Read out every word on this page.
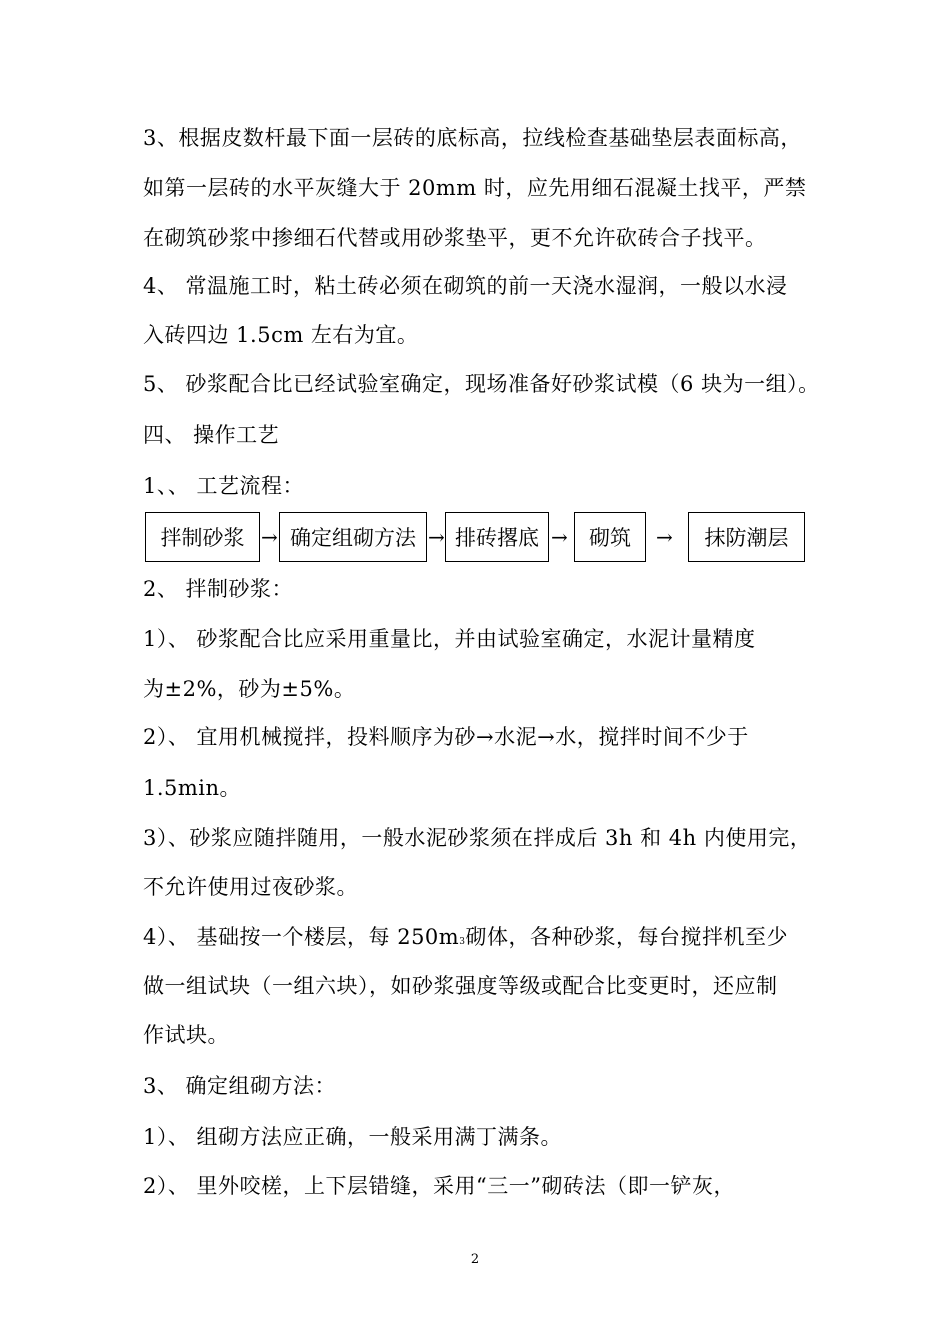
3、根据皮数杆最下面一层砖的底标高，拉线检查基础垫层表面标高，
如第一层砖的水平灰缝大于 20mm 时，应先用细石混凝土找平，严禁
在砌筑砂浆中掺细石代替或用砂浆垫平，更不允许砍砖合子找平。
4、 常温施工时，粘土砖必须在砌筑的前一天浇水湿润，一般以水浸
入砖四边 1.5cm 左右为宜。
5、 砂浆配合比已经试验室确定，现场准备好砂浆试模（6 块为一组）。
四、 操作工艺
1、、 工艺流程：
拌制砂浆 → 确定组砌方法 → 排砖撂底 →	砌筑	→	抹防潮层
2、 拌制砂浆：
1）、 砂浆配合比应采用重量比，并由试验室确定，水泥计量精度
为±2%，砂为±5%。
2）、 宜用机械搅拌，投料顺序为砂→水泥→水，搅拌时间不少于
1.5min。
3）、砂浆应随拌随用，一般水泥砂浆须在拌成后 3h 和 4h 内使用完，
不允许使用过夜砂浆。
4）、 基础按一个楼层，每 250m3砌体，各种砂浆，每台搅拌机至少
做一组试块（一组六块），如砂浆强度等级或配合比变更时，还应制
作试块。
3、 确定组砌方法：
1）、 组砌方法应正确，一般采用满丁满条。
2）、 里外咬槎，上下层错缝，采用“三一”砌砖法（即一铲灰，
2
